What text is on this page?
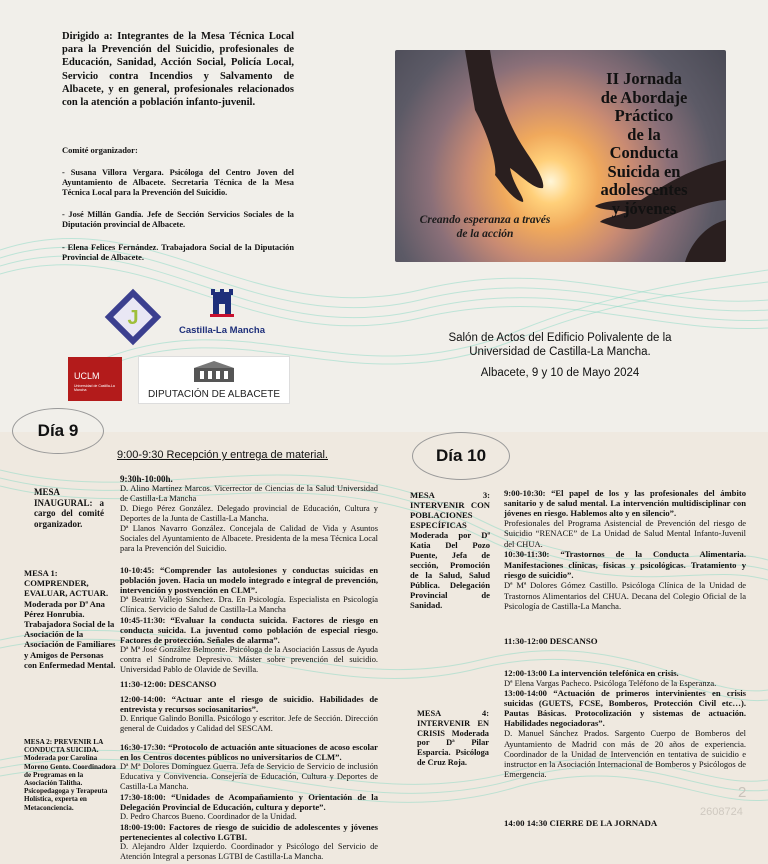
Dirigido a: Integrantes de la Mesa Técnica Local para la Prevención del Suicidio, profesionales de Educación, Sanidad, Acción Social, Policía Local, Servicio contra Incendios y Salvamento de Albacete, y en general, profesionales relacionados con la atención a población infanto-juvenil.
Comité organizador:
- Susana Villora Vergara. Psicóloga del Centro Joven del Ayuntamiento de Albacete. Secretaria Técnica de la Mesa Técnica Local para la Prevención del Suicidio.
- José Millán Gandía. Jefe de Sección Servicios Sociales de la Diputación provincial de Albacete.
- Elena Felices Fernández. Trabajadora Social de la Diputación Provincial de Albacete.
J
Castilla-La Mancha
UCLM
Universidad de Castilla-La Mancha	DIPUTACIÓN DE ALBACETE
II Jornada
de Abordaje
Práctico
de la
Conducta
Suicida en
adolescentes
y jóvenes
Creando esperanza a través
de la acción
Salón de Actos del Edificio Polivalente de la
Universidad de Castilla-La Mancha.
Albacete, 9 y 10 de Mayo 2024
Día 9
9:00-9:30 Recepción y entrega de material.
MESA INAUGURAL: a cargo del comité organizador.
MESA 1: COMPRENDER, EVALUAR, ACTUAR. Moderada por Dª Ana Pérez Honrubia. Trabajadora Social de la Asociación de la Asociación de Familiares y Amigos de Personas con Enfermedad Mental.
MESA 2: PREVENIR LA CONDUCTA SUICIDA. Moderada por Carolina Moreno Gento. Coordinadora de Programas en la Asociación Talitha. Psicopedagoga y Terapeuta Holística, experta en Metaconciencia.
9:30h-10:00h.
D. Alino Martínez Marcos. Vicerrector de Ciencias de la Salud Universidad de Castilla-La Mancha
D. Diego Pérez González. Delegado provincial de Educación, Cultura y Deportes de la Junta de Castilla-La Mancha.
Dª Llanos Navarro González. Concejala de Calidad de Vida y Asuntos Sociales del Ayuntamiento de Albacete. Presidenta de la mesa Técnica Local para la Prevención del Suicidio.
10-10:45: “Comprender las autolesiones y conductas suicidas en población joven. Hacia un modelo integrado e integral de prevención, intervención y postvención en CLM”.
Dª Beatriz Vallejo Sánchez. Dra. En Psicología. Especialista en Psicología Clínica. Servicio de Salud de Castilla-La Mancha
10:45-11:30: “Evaluar la conducta suicida. Factores de riesgo en conducta suicida. La juventud como población de especial riesgo. Factores de protección. Señales de alarma”.
Dª Mª José González Belmonte. Psicóloga de la Asociación Lassus de Ayuda contra el Síndrome Depresivo. Máster sobre prevención del suicidio. Universidad Pablo de Olavide de Sevilla.
11:30-12:00: DESCANSO
12:00-14:00: “Actuar ante el riesgo de suicidio. Habilidades de entrevista y recursos sociosanitarios”.
D. Enrique Galindo Bonilla. Psicólogo y escritor. Jefe de Sección. Dirección general de Cuidados y Calidad del SESCAM.
16:30-17:30: “Protocolo de actuación ante situaciones de acoso escolar en los Centros docentes públicos no universitarios de CLM”.
Dª Mª Dolores Domínguez Guerra. Jefa de Servicio de Servicio de inclusión Educativa y Convivencia. Consejería de Educación, Cultura y Deportes de Castilla-La Mancha.
17:30-18:00: “Unidades de Acompañamiento y Orientación de la Delegación Provincial de Educación, cultura y deporte”.
D. Pedro Charcos Bueno. Coordinador de la Unidad.
18:00-19:00: Factores de riesgo de suicidio de adolescentes y jóvenes pertenecientes al colectivo LGTBI.
D. Alejandro Alder Izquierdo. Coordinador y Psicólogo del Servicio de Atención Integral a personas LGTBI de Castilla-La Mancha.
Día 10
MESA 3: INTERVENIR CON POBLACIONES ESPECÍFICAS Moderada por Dª Katia Del Pozo Puente, Jefa de sección, Promoción de la Salud, Salud Pública. Delegación Provincial de Sanidad.
MESA 4: INTERVENIR EN CRISIS Moderada por Dª Pilar Esparcia. Psicóloga de Cruz Roja.
9:00-10:30: “El papel de los y las profesionales del ámbito sanitario y de salud mental. La intervención multidisciplinar con jóvenes en riesgo. Hablemos alto y en silencio”.
Profesionales del Programa Asistencial de Prevención del riesgo de Suicidio “RENACE” de La Unidad de Salud Mental Infanto-Juvenil del CHUA.
10:30-11:30: “Trastornos de la Conducta Alimentaria. Manifestaciones clínicas, físicas y psicológicas. Tratamiento y riesgo de suicidio”.
Dª Mª Dolores Gómez Castillo. Psicóloga Clínica de la Unidad de Trastornos Alimentarios del CHUA. Decana del Colegio Oficial de la Psicología de Castilla-La Mancha.
11:30-12:00 DESCANSO
12:00-13:00 La intervención telefónica en crisis.
Dª Elena Vargas Pacheco. Psicóloga Teléfono de la Esperanza.
13:00-14:00 “Actuación de primeros intervinientes en crisis suicidas (GUETS, FCSE, Bomberos, Protección Civil etc…). Pautas Básicas. Protocolización y sistemas de actuación. Habilidades negociadoras”.
D. Manuel Sánchez Prados. Sargento Cuerpo de Bomberos del Ayuntamiento de Madrid con más de 20 años de experiencia. Coordinador de la Unidad de Intervención en tentativa de suicidio e instructor en la Asociación Internacional de Bomberos y Psicólogos de Emergencia.
14:00 14:30 CIERRE DE LA JORNADA
2
2608724
